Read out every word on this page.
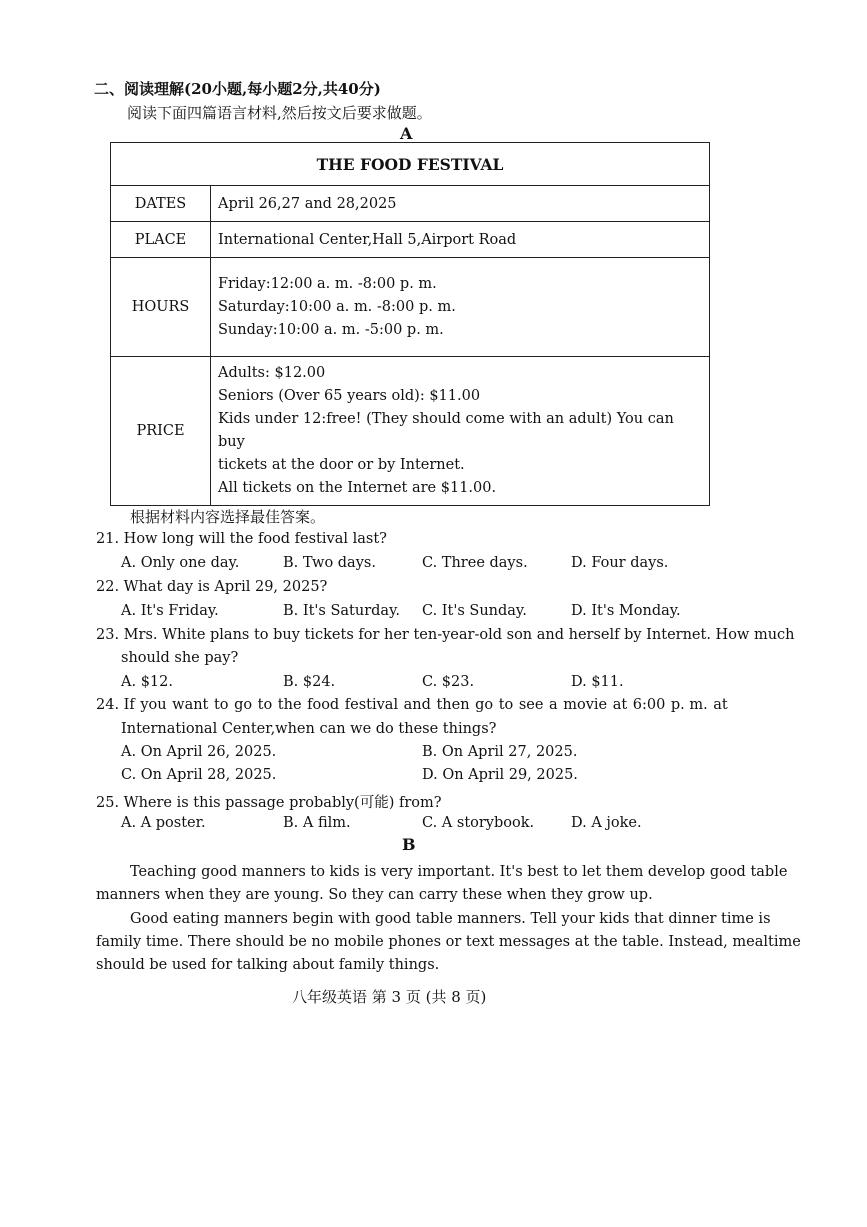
二、阅读理解(20小题,每小题2分,共40分)
阅读下面四篇语言材料,然后按文后要求做题。
A
THE FOOD FESTIVAL	
DATES	April 26,27 and 28,2025
PLACE	International Center,Hall 5,Airport Road
HOURS	Friday:12:00 a. m. -8:00 p. m.
Saturday:10:00 a. m. -8:00 p. m.
Sunday:10:00 a. m. -5:00 p. m.

PRICE	Adults: $12.00
Seniors (Over 65 years old): $11.00
Kids under 12:free! (They should come with an adult) You can buy
tickets at the door or by Internet.
All tickets on the Internet are $11.00.
根据材料内容选择最佳答案。
21. How long will the food festival last?
A. Only one day.	B. Two days.	C. Three days.	D. Four days.
22. What day is April 29, 2025?
A. It's Friday.	B. It's Saturday. C. It's Sunday.	D. It's Monday.
23. Mrs. White plans to buy tickets for her ten-year-old son and herself by Internet. How much
should she pay?
A. $12.	B. $24.	C. $23.	D. $11.
24. If you want to go to the food festival and then go to see a movie at 6:00 p. m. at
International Center,when can we do these things?
A. On April 26, 2025.	B. On April 27, 2025.
C. On April 28, 2025.	D. On April 29, 2025.
25. Where is this passage probably(可能) from?
A. A poster.	B. A film.	C. A storybook.	D. A joke.
B
Teaching good manners to kids is very important. It's best to let them develop good table
manners when they are young. So they can carry these when they grow up.
Good eating manners begin with good table manners. Tell your kids that dinner time is
family time. There should be no mobile phones or text messages at the table. Instead, mealtime
should be used for talking about family things.
八年级英语 第 3 页 (共 8 页)
